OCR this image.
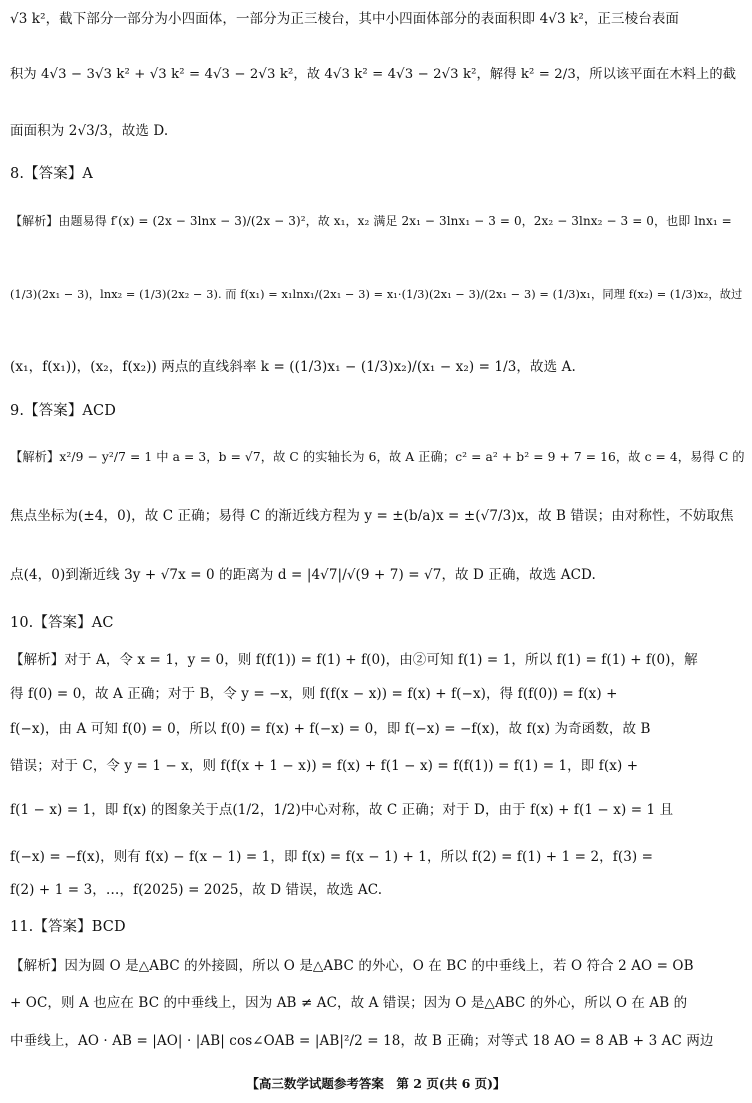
√3 k²，截下部分一部分为小四面体，一部分为正三棱台，其中小四面体部分的表面积即 4√3 k²，正三棱台表面
积为 4√3 − 3√3 k² + √3 k² = 4√3 − 2√3 k²，故 4√3 k² = 4√3 − 2√3 k²，解得 k² = 2/3，所以该平面在木料上的截
面面积为 2√3/3，故选 D.
8.【答案】A
【解析】由题易得 f′(x) = (2x − 3lnx − 3)/(2x − 3)²，故 x₁，x₂ 满足 2x₁ − 3lnx₁ − 3 = 0，2x₂ − 3lnx₂ − 3 = 0，也即 lnx₁ =
(1/3)(2x₁ − 3)，lnx₂ = (1/3)(2x₂ − 3). 而 f(x₁) = x₁lnx₁/(2x₁ − 3) = x₁·(1/3)(2x₁ − 3)/(2x₁ − 3) = (1/3)x₁，同理 f(x₂) = (1/3)x₂，故过
(x₁，f(x₁))，(x₂，f(x₂)) 两点的直线斜率 k = ((1/3)x₁ − (1/3)x₂)/(x₁ − x₂) = 1/3，故选 A.
9.【答案】ACD
【解析】x²/9 − y²/7 = 1 中 a = 3，b = √7，故 C 的实轴长为 6，故 A 正确；c² = a² + b² = 9 + 7 = 16，故 c = 4，易得 C 的
焦点坐标为(±4，0)，故 C 正确；易得 C 的渐近线方程为 y = ±(b/a)x = ±(√7/3)x，故 B 错误；由对称性，不妨取焦
点(4，0)到渐近线 3y + √7x = 0 的距离为 d = |4√7|/√(9 + 7) = √7，故 D 正确，故选 ACD.
10.【答案】AC
【解析】对于 A，令 x = 1，y = 0，则 f(f(1)) = f(1) + f(0)，由②可知 f(1) = 1，所以 f(1) = f(1) + f(0)，解
得 f(0) = 0，故 A 正确；对于 B，令 y = −x，则 f(f(x − x)) = f(x) + f(−x)，得 f(f(0)) = f(x) +
f(−x)，由 A 可知 f(0) = 0，所以 f(0) = f(x) + f(−x) = 0，即 f(−x) = −f(x)，故 f(x) 为奇函数，故 B
错误；对于 C，令 y = 1 − x，则 f(f(x + 1 − x)) = f(x) + f(1 − x) = f(f(1)) = f(1) = 1，即 f(x) +
f(1 − x) = 1，即 f(x) 的图象关于点(1/2，1/2)中心对称，故 C 正确；对于 D，由于 f(x) + f(1 − x) = 1 且
f(−x) = −f(x)，则有 f(x) − f(x − 1) = 1，即 f(x) = f(x − 1) + 1，所以 f(2) = f(1) + 1 = 2，f(3) =
f(2) + 1 = 3，…，f(2025) = 2025，故 D 错误，故选 AC.
11.【答案】BCD
【解析】因为圆 O 是△ABC 的外接圆，所以 O 是△ABC 的外心，O 在 BC 的中垂线上，若 O 符合 2 AO = OB
+ OC，则 A 也应在 BC 的中垂线上，因为 AB ≠ AC，故 A 错误；因为 O 是△ABC 的外心，所以 O 在 AB 的
中垂线上，AO · AB = |AO| · |AB| cos∠OAB = |AB|²/2 = 18，故 B 正确；对等式 18 AO = 8 AB + 3 AC 两边
【高三数学试题参考答案　第 2 页(共 6 页)】
